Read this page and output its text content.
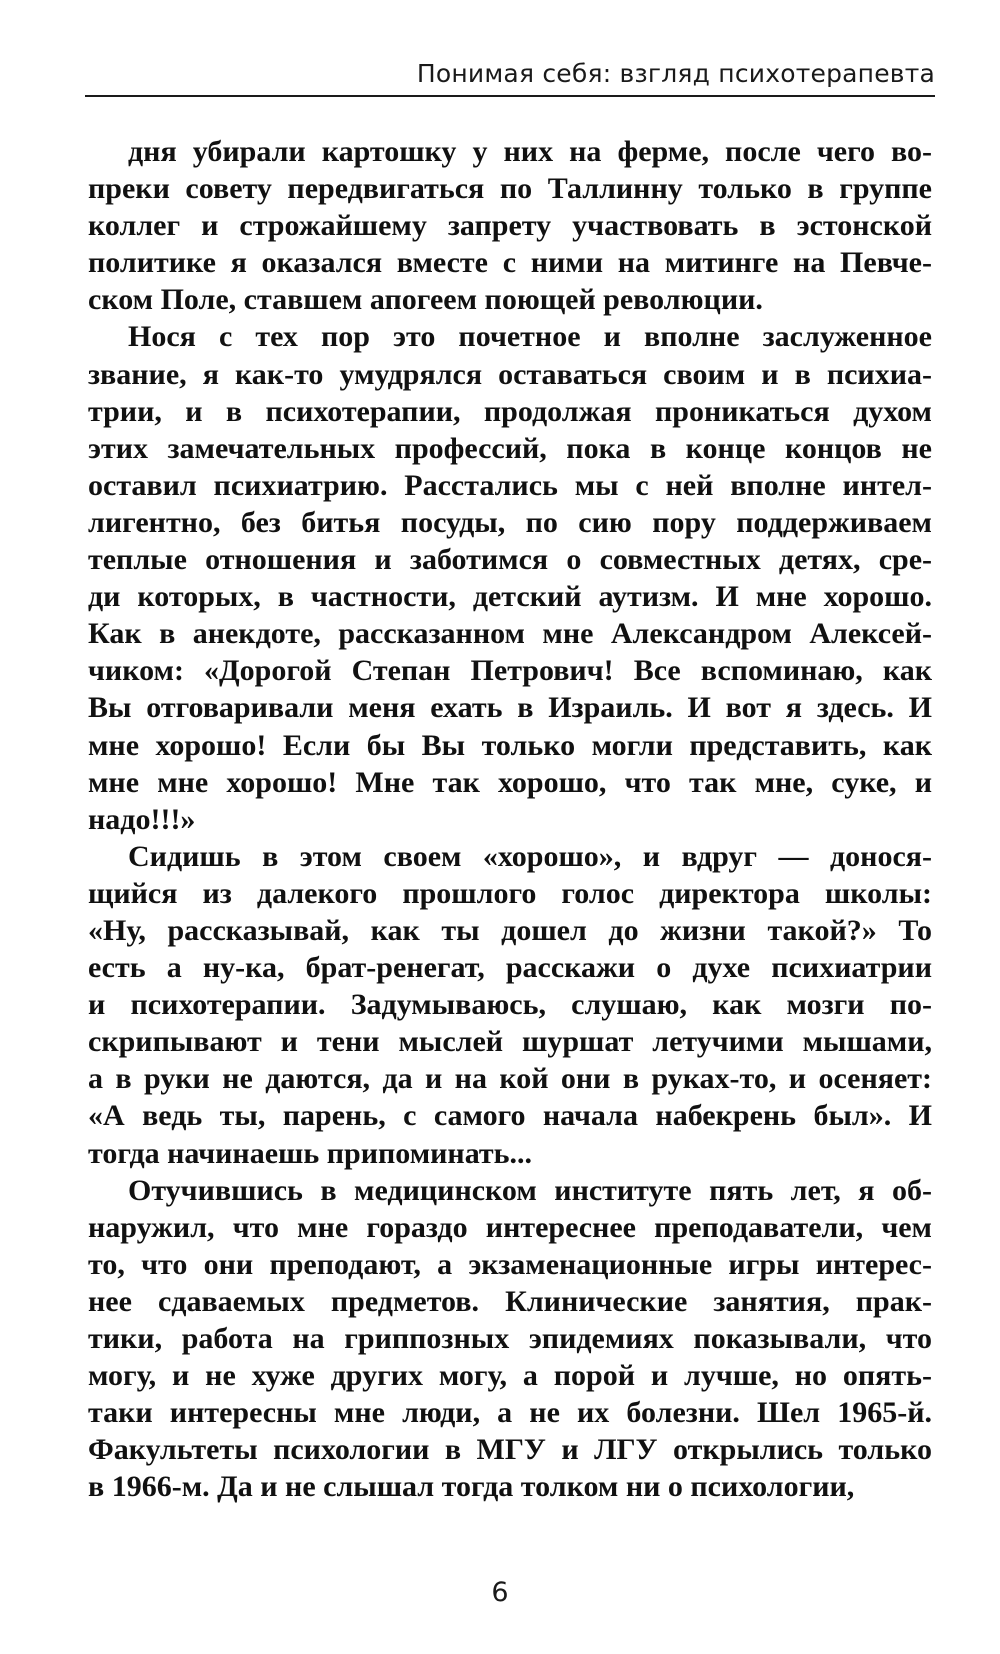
Понимая себя: взгляд психотерапевта
дня убирали картошку у них на ферме, после чего во-
преки совету передвигаться по Таллинну только в группе
коллег и строжайшему запрету участвовать в эстонской
политике я оказался вместе с ними на митинге на Певче-
ском Поле, ставшем апогеем поющей революции.
Нося с тех пор это почетное и вполне заслуженное
звание, я как-то умудрялся оставаться своим и в психиа-
трии, и в психотерапии, продолжая проникаться духом
этих замечательных профессий, пока в конце концов не
оставил психиатрию. Расстались мы с ней вполне интел-
лигентно, без битья посуды, по сию пору поддерживаем
теплые отношения и заботимся о совместных детях, сре-
ди которых, в частности, детский аутизм. И мне хорошо.
Как в анекдоте, рассказанном мне Александром Алексей-
чиком: «Дорогой Степан Петрович! Все вспоминаю, как
Вы отговаривали меня ехать в Израиль. И вот я здесь. И
мне хорошо! Если бы Вы только могли представить, как
мне мне хорошо! Мне так хорошо, что так мне, суке, и
надо!!!»
Сидишь в этом своем «хорошо», и вдруг — донося-
щийся из далекого прошлого голос директора школы:
«Ну, рассказывай, как ты дошел до жизни такой?» То
есть а ну-ка, брат-ренегат, расскажи о духе психиатрии
и психотерапии. Задумываюсь, слушаю, как мозги по-
скрипывают и тени мыслей шуршат летучими мышами,
а в руки не даются, да и на кой они в руках-то, и осеняет:
«А ведь ты, парень, с самого начала набекрень был». И
тогда начинаешь припоминать...
Отучившись в медицинском институте пять лет, я об-
наружил, что мне гораздо интереснее преподаватели, чем
то, что они преподают, а экзаменационные игры интерес-
нее сдаваемых предметов. Клинические занятия, прак-
тики, работа на гриппозных эпидемиях показывали, что
могу, и не хуже других могу, а порой и лучше, но опять-
таки интересны мне люди, а не их болезни. Шел 1965-й.
Факультеты психологии в МГУ и ЛГУ открылись только
в 1966-м. Да и не слышал тогда толком ни о психологии,
6
